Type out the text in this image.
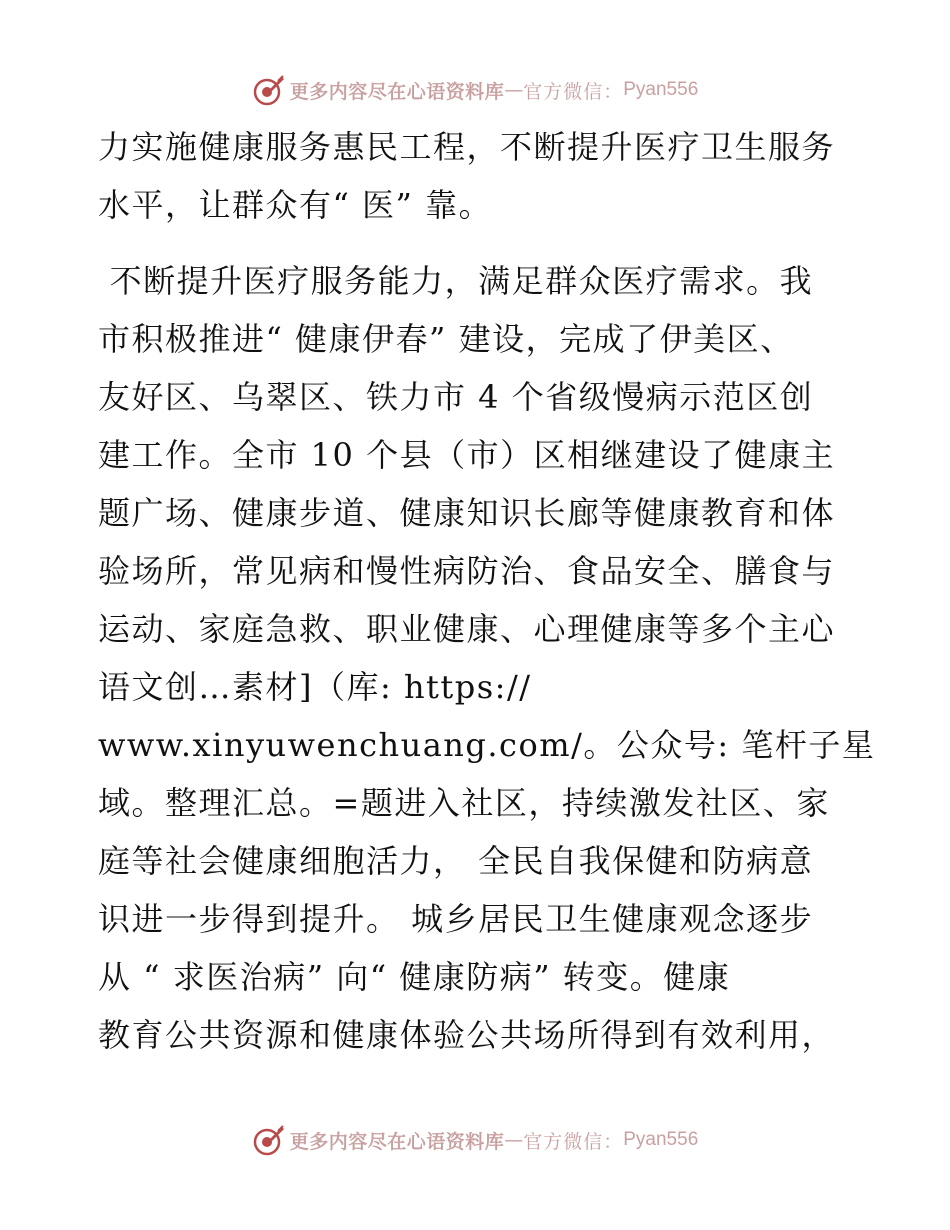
更多内容尽在心语资料库 — 官方微信： Pyan556
力实施健康服务惠民工程，不断提升医疗卫生服务
水平，让群众有“ 医” 靠。
不断提升医疗服务能力，满足群众医疗需求。我
市积极推进“ 健康伊春” 建设，完成了伊美区、
友好区、乌翠区、铁力市 4 个省级慢病示范区创
建工作。全市 10 个县（市）区相继建设了健康主
题广场、健康步道、健康知识长廊等健康教育和体
验场所，常见病和慢性病防治、食品安全、膳食与
运动、家庭急救、职业健康、心理健康等多个主心
语文创…素材]（库: https://
www.xinyuwenchuang.com/。公众号: 笔杆子星
域。整理汇总。=题进入社区，持续激发社区、家
庭等社会健康细胞活力， 全民自我保健和防病意
识进一步得到提升。 城乡居民卫生健康观念逐步
从 “ 求医治病” 向“ 健康防病” 转变。健康
教育公共资源和健康体验公共场所得到有效利用，
更多内容尽在心语资料库 — 官方微信： Pyan556
